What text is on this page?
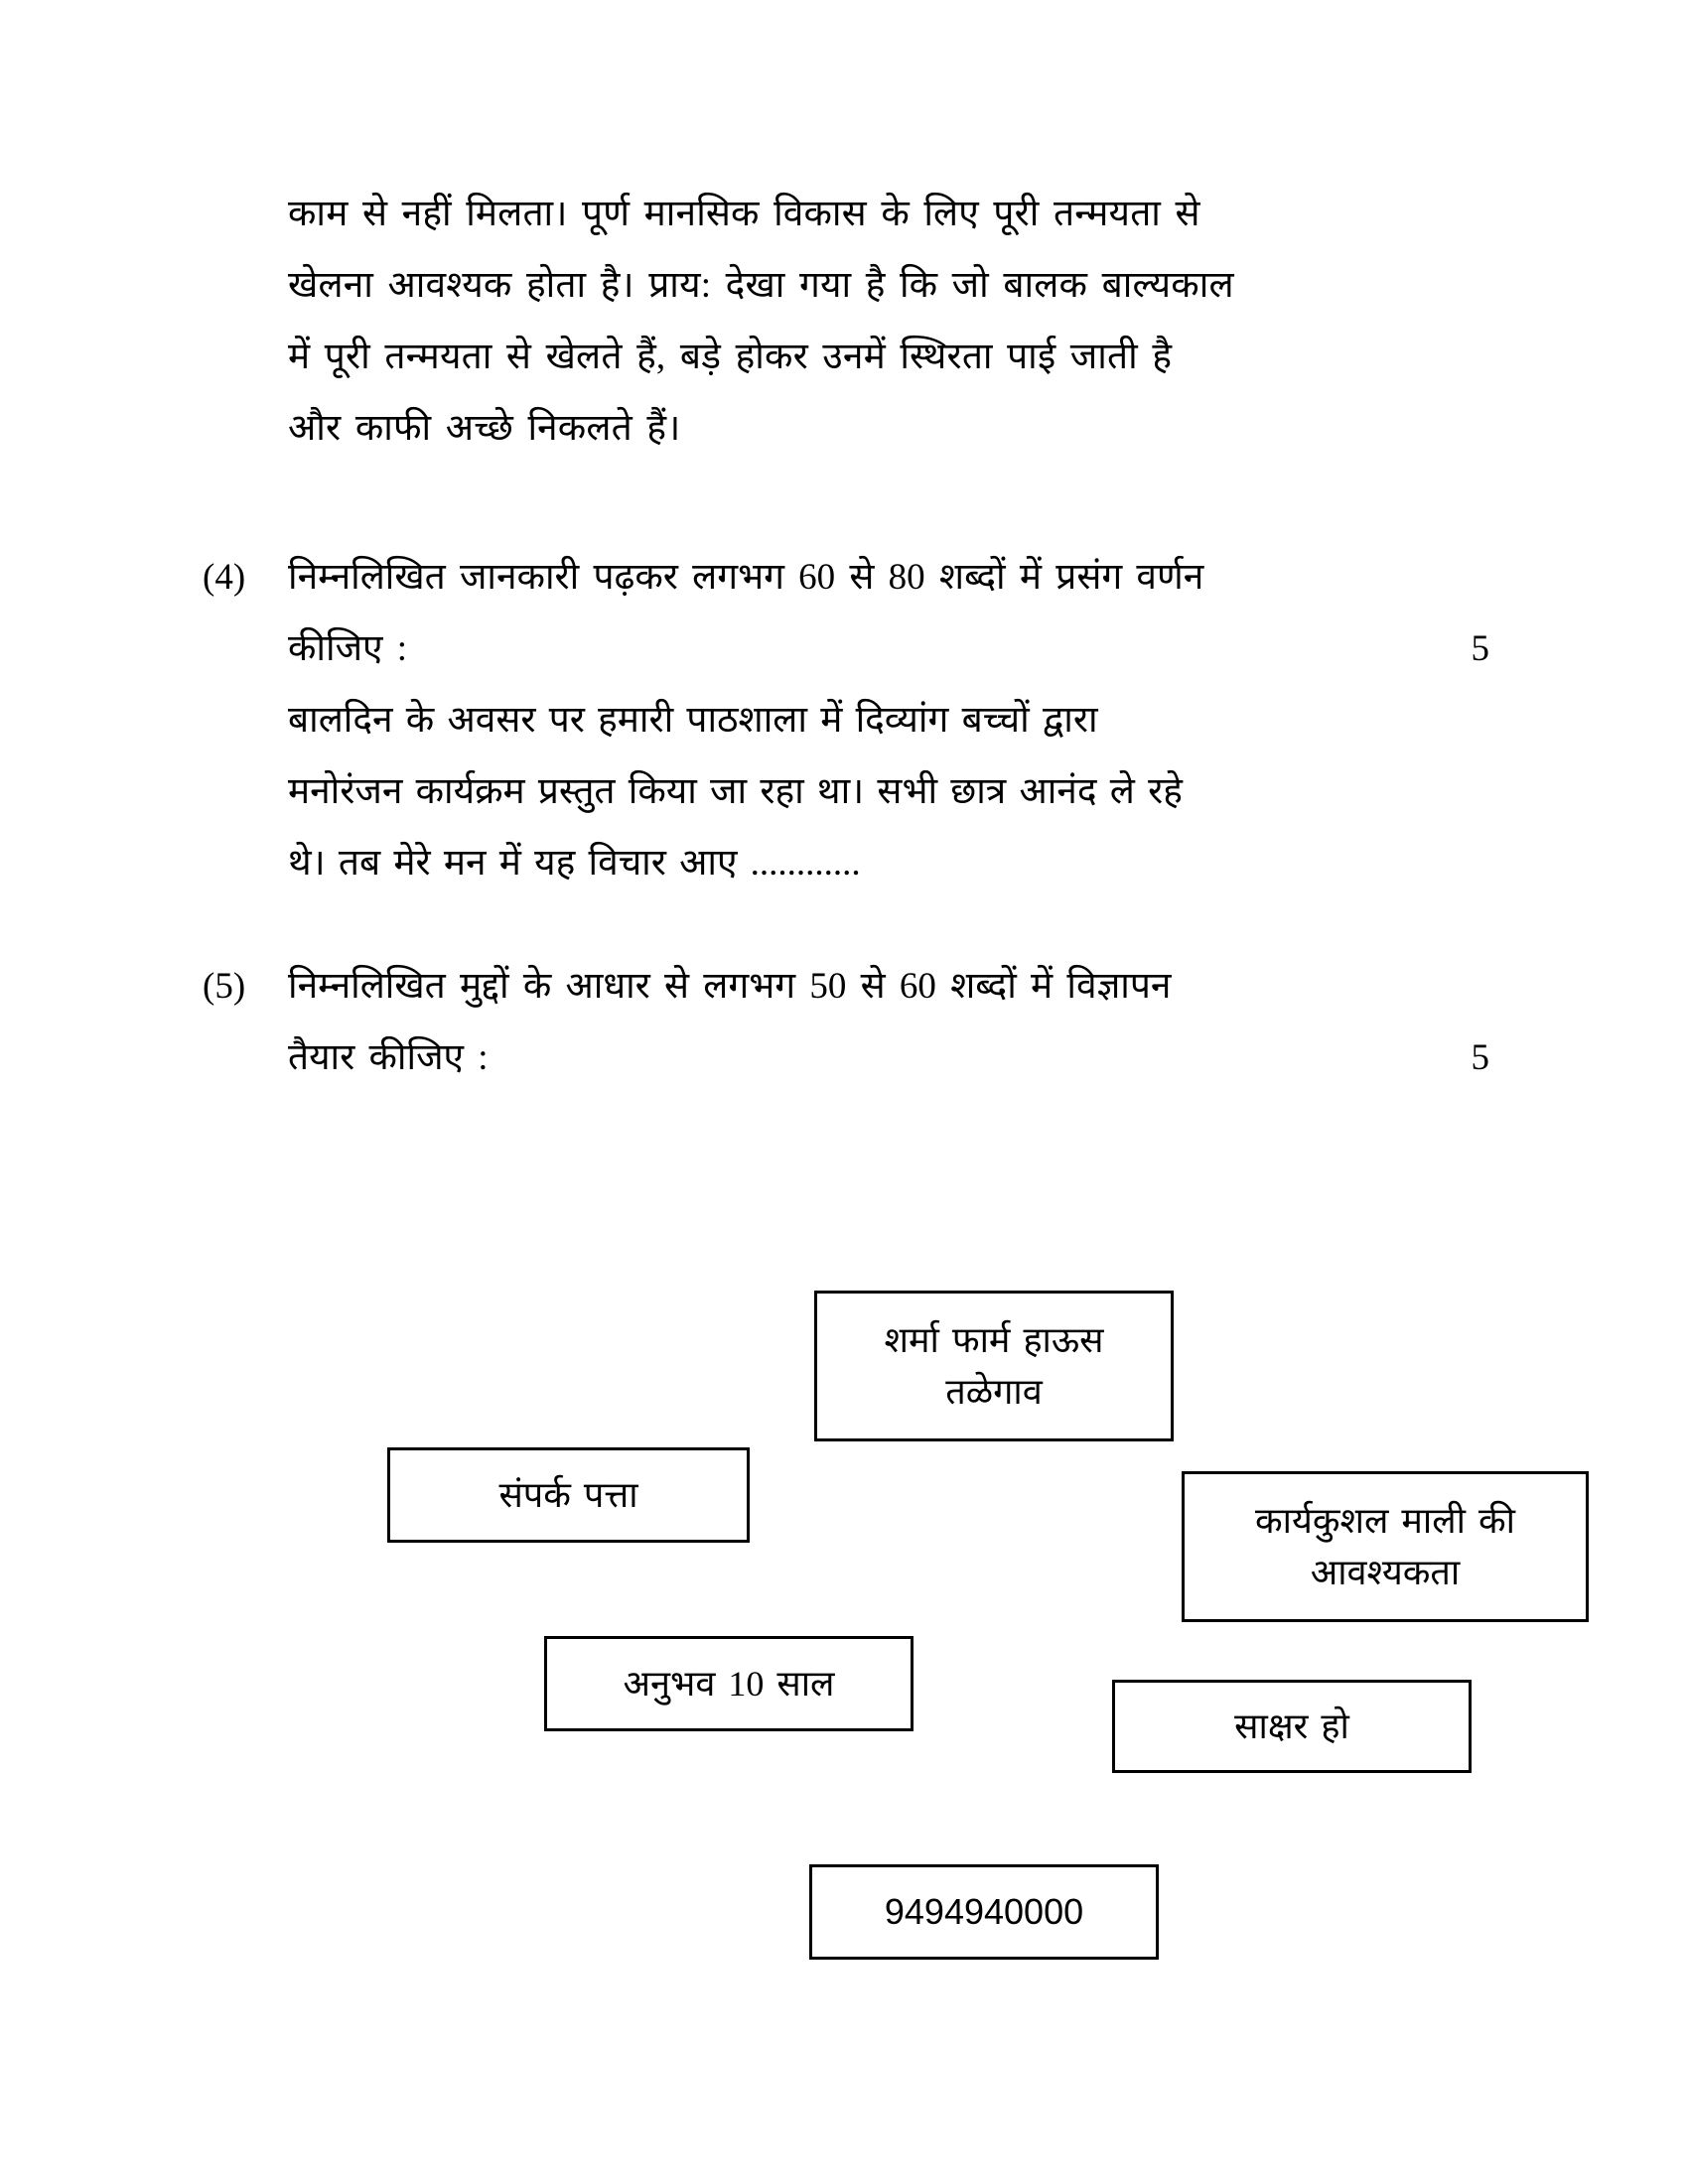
काम से नहीं मिलता। पूर्ण मानसिक विकास के लिए पूरी तन्मयता से
खेलना आवश्यक होता है। प्राय: देखा गया है कि जो बालक बाल्यकाल
में पूरी तन्मयता से खेलते हैं, बड़े होकर उनमें स्थिरता पाई जाती है
और काफी अच्छे निकलते हैं।
(4)	निम्नलिखित जानकारी पढ़कर लगभग 60 से 80 शब्दों में प्रसंग वर्णन
कीजिए :	5
बालदिन के अवसर पर हमारी पाठशाला में दिव्यांग बच्चों द्वारा
मनोरंजन कार्यक्रम प्रस्तुत किया जा रहा था। सभी छात्र आनंद ले रहे
थे। तब मेरे मन में यह विचार आए ............
(5)	निम्नलिखित मुद्दों के आधार से लगभग 50 से 60 शब्दों में विज्ञापन
तैयार कीजिए :	5
शर्मा फार्म हाऊस
तळेगाव
संपर्क पत्ता
कार्यकुशल माली की
आवश्यकता
अनुभव 10 साल
साक्षर हो
9494940000
